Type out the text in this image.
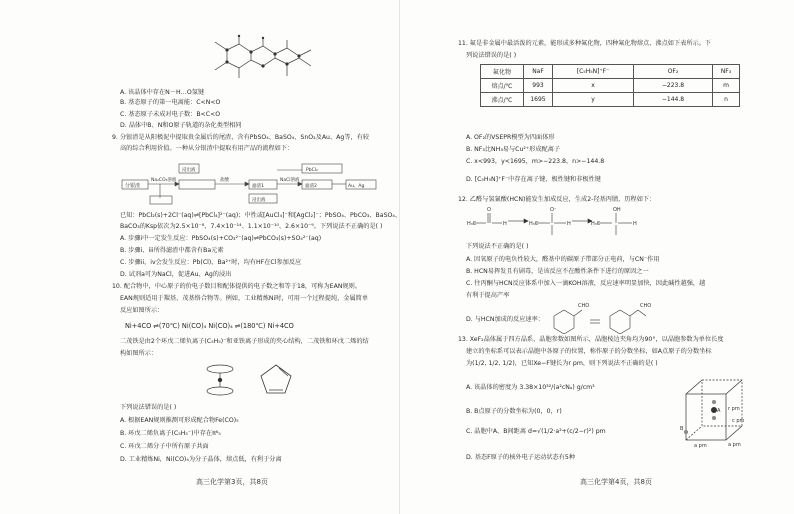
A. 该晶体中存在N－H…O氢键
B. 基态原子的第一电离能：C<N<O
C. 基态原子未成对电子数：B<C<O
D. 晶体中B、N和O原子轨道的杂化类型相同
9. 分银渣是从阳极泥中提取贵金属后的尾渣，含有PbSO₄、BaSO₄、SnO₂及Au、Ag等，有较
高的综合利用价值。一种从分银渣中提取有用产品的流程如下：
分银渣
Na₂CO₃溶液
浸出液
盐酸
滤渣1
浸出液
NaCl溶液
滤渣2	Au、Ag
PbCl₂
已知：PbCl₂(s)+2Cl⁻(aq)⇌[PbCl₄]²⁻(aq)；中性或[AuCl₄]⁻和[AgCl₂]⁻；PbSO₄、PbCO₃、BaSO₄、
BaCO₃的Ksp依次为2.5×10⁻⁸、7.4×10⁻¹⁴、1.1×10⁻¹⁰、2.6×10⁻⁹。下列说法不正确的是( )
A. 步骤i中一定发生反应：PbSO₄(s)+CO₃²⁻(aq)⇌PbCO₃(s)+SO₄²⁻(aq)
B. 步骤i、iii所得滤渣中都含有Ba元素
C. 步骤ii，iv会发生反应：Pb(Cl)、Ba²⁺时，均有HF在Cl参加反应
D. 试剂a可为NaCl，促进Au、Ag的浸出
10. 配合物中，中心原子的价电子数目和配体提供的电子数之和等于18，可称为EAN规则。
EAN规则适用于羰基、茂基络合物等。例如，工业精炼Ni时，可用一个过程提纯，金属简单
反应如图所示：
Ni+4CO ⇌(70℃) Ni(CO)₄ Ni(CO)₄ ⇌(180℃) Ni+4CO
二茂铁是由2个环戊二烯负离子(C₅H₅)⁻和亚铁离子形成的夹心结构，二茂铁和环戊二烯的结
构如图所示：
下列说法错误的是( )
A. 根据EAN规则推测可形成配合物Fe(CO)₅
B. 环戊二烯负离子(C₅H₅⁻)中存在π⁶₅
C. 环戊二烯分子中所有原子共面
D. 工业精炼Ni，Ni(CO)₄为分子晶体，熔点低，有利于分离
高三化学第3页，共8页
11. 氟是非金属中最活泼的元素，能形成多种氟化物，四种氟化物熔点、沸点如下表所示。下
列说法错误的是( )
氟化物	NaF	[C₅H₅N]⁺F⁻	OF₂	NF₃
熔点/℃	993	x	−223.8	m
沸点/℃	1695	y	−144.8	n
A. OF₂的VSEPR模型为四面体形
B. NF₃比NH₃易与Cu²⁺形成配离子
C. x<993，y<1695，m>−223.8，n>−144.8
D. [C₅H₅N]⁺F⁻中存在离子键、极性键和非极性键
12. 乙醛与氢氰酸(HCN)能发生加成反应，生成2-羟基丙腈，历程如下：
H₃C
O
H	H₃C
O⁻
H	H₃C
OH
H
下列说法不正确的是( )
A. 因氧原子的电负性较大，醛基中的碳原子带部分正电荷，与CN⁻作用
B. HCN易挥发且有剧毒，是该反应不在酸性条件下进行的原因之一
C. 往丙酮与HCN反应体系中加入一滴KOH溶液，反应速率明显加快，因此碱性越强，越
有利于提高产率
D. 与HCN加成的反应速率：
CHO	CHO
13. XeF₂晶体属于四方晶系，晶胞参数如图所示，晶胞棱边夹角均为90°，以晶胞参数为单位长度
建立的坐标系可以表示晶胞中各原子的位置，称作原子的分数坐标，如A点原子的分数坐标
为(1/2, 1/2, 1/2)，已知Xe−F键长为r pm，则下列说法不正确的是( )
A. 该晶体的密度为 3.38×10³²/(a²cNₐ) g/cm³
B. B点原子的分数坐标为(0，0，r)
C. 晶胞中A、B间距离 d=√(1/2·a²+(c/2−r)²) pm
D. 基态F原子的核外电子运动状态有5种
A
B
r pm
c pm
a pm	a pm
高三化学第4页，共8页
